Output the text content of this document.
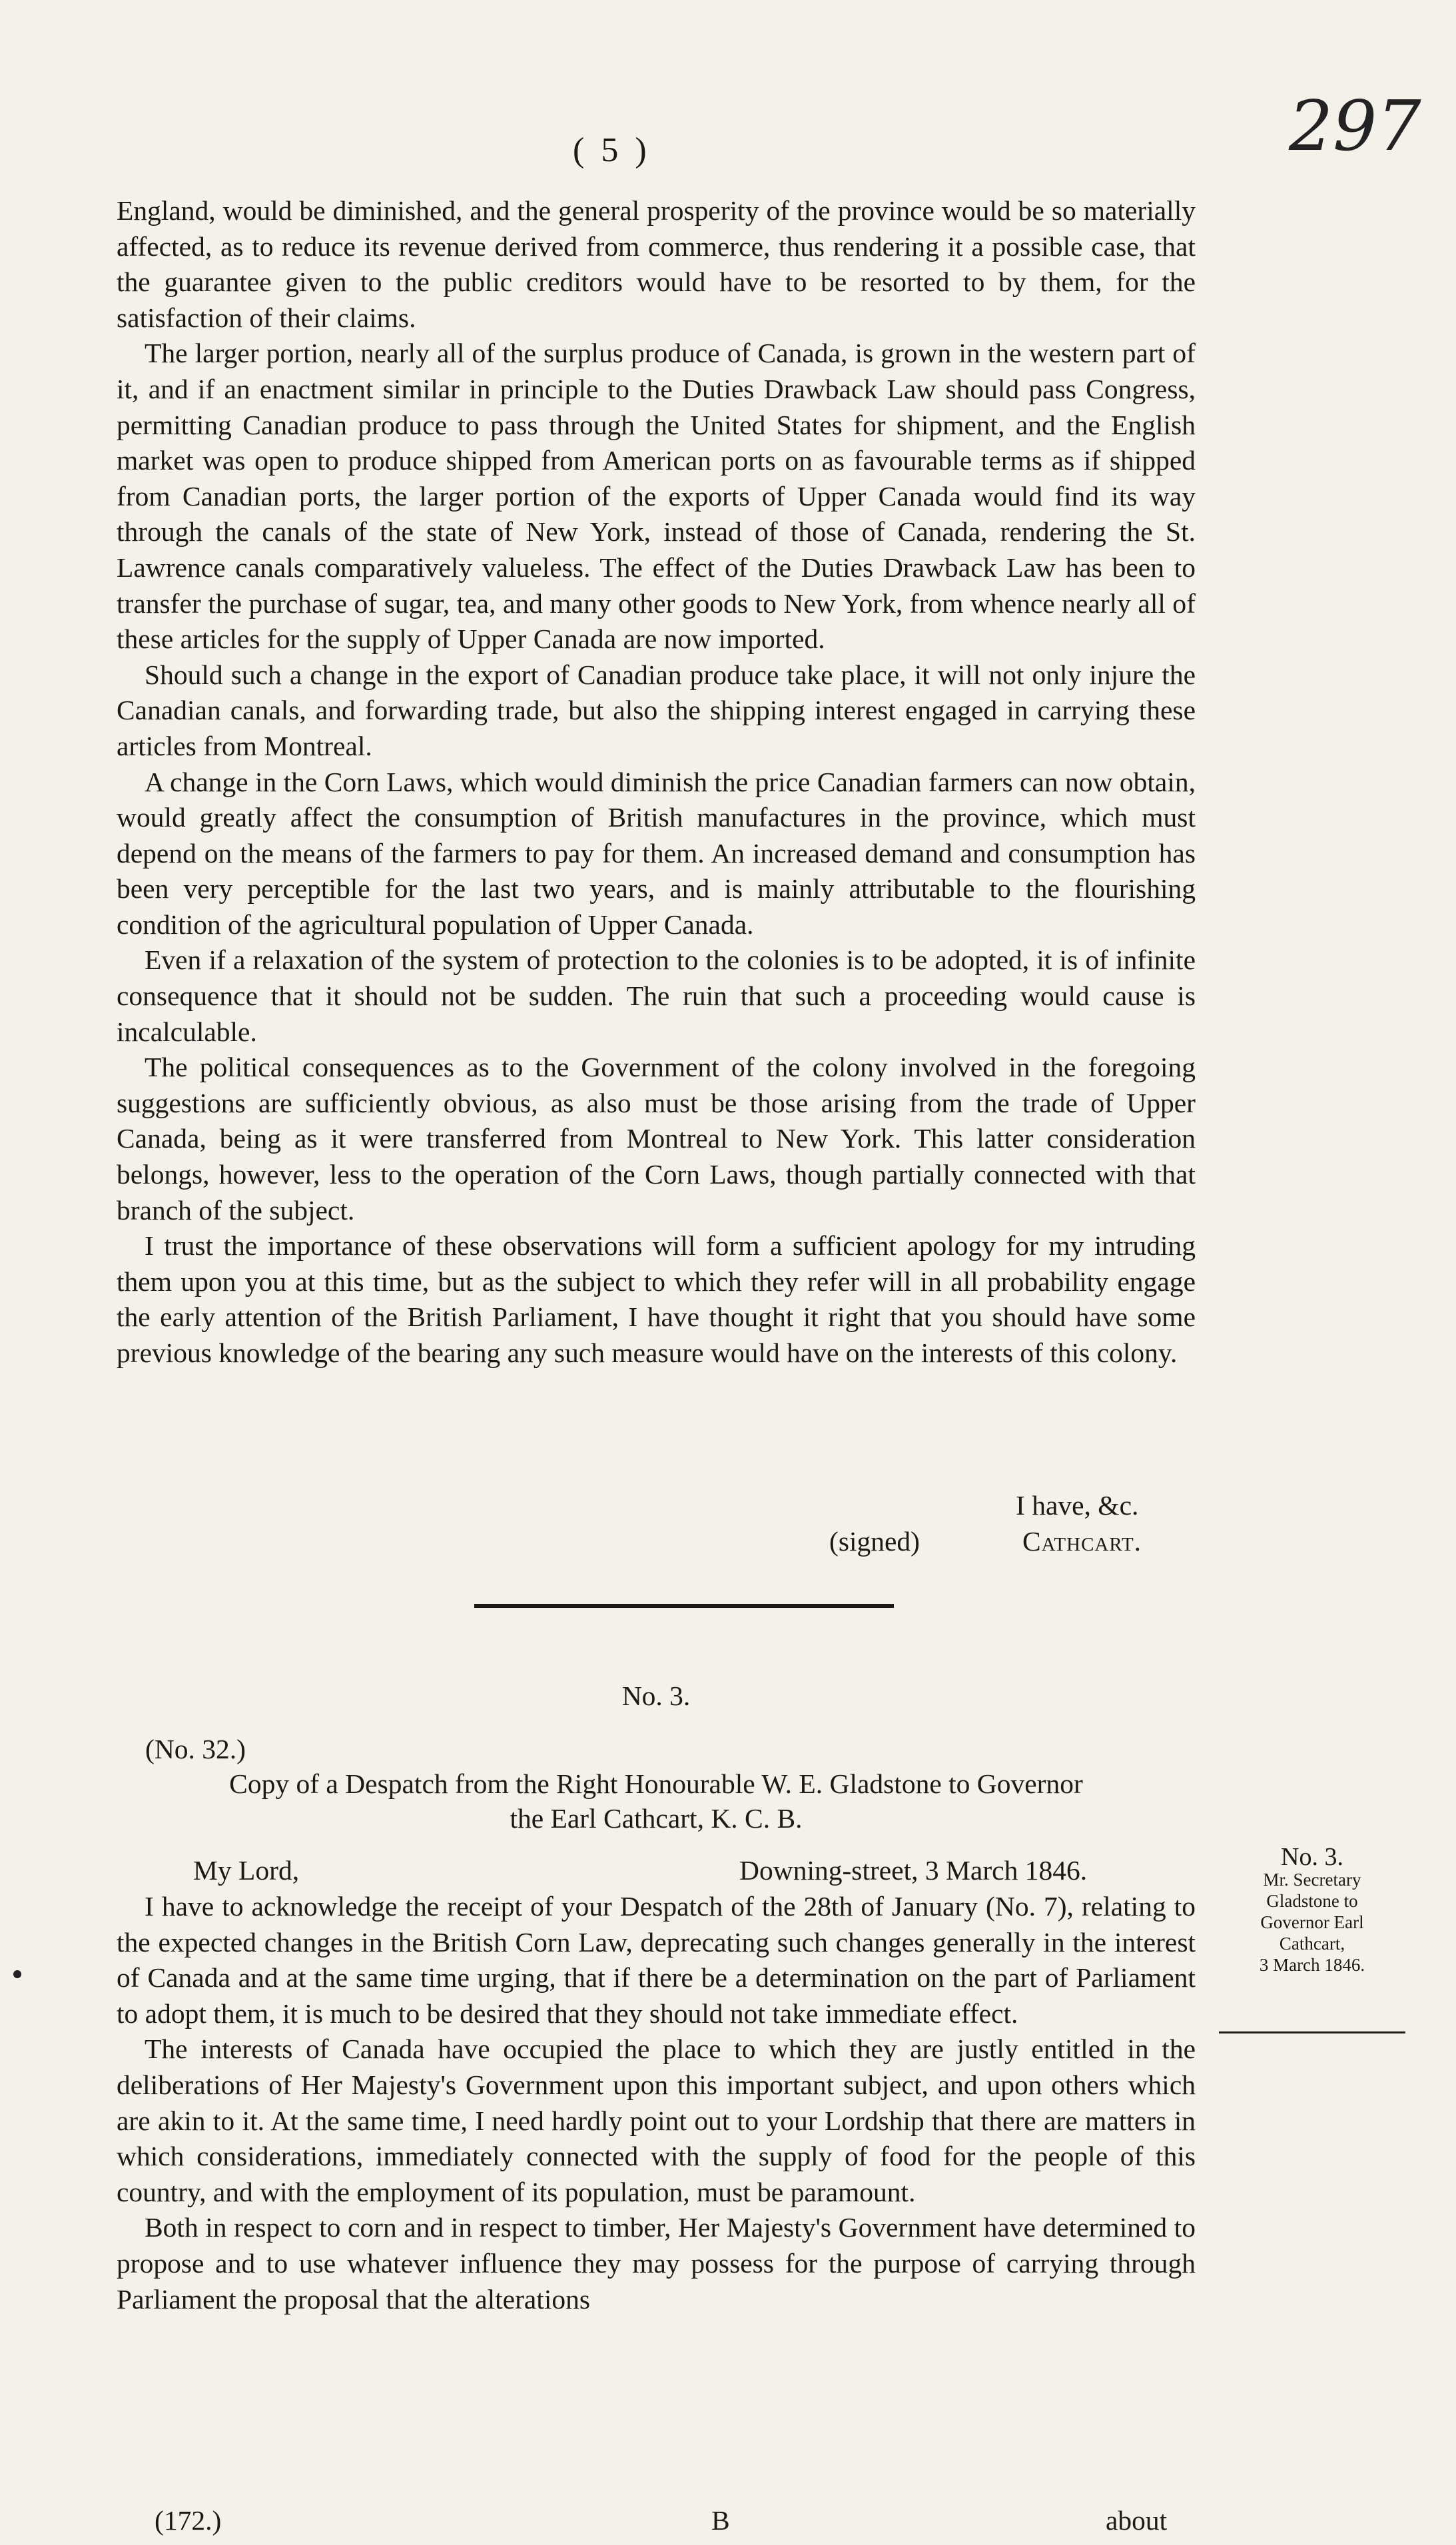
( 5 )	297

England, would be diminished, and the general prosperity of the province would be so materially affected, as to reduce its revenue derived from commerce, thus rendering it a possible case, that the guarantee given to the public creditors would have to be resorted to by them, for the satisfaction of their claims.

The larger portion, nearly all of the surplus produce of Canada, is grown in the western part of it, and if an enactment similar in principle to the Duties Drawback Law should pass Congress, permitting Canadian produce to pass through the United States for shipment, and the English market was open to produce shipped from American ports on as favourable terms as if shipped from Canadian ports, the larger portion of the exports of Upper Canada would find its way through the canals of the state of New York, instead of those of Canada, rendering the St. Lawrence canals comparatively valueless. The effect of the Duties Drawback Law has been to transfer the purchase of sugar, tea, and many other goods to New York, from whence nearly all of these articles for the supply of Upper Canada are now imported.

Should such a change in the export of Canadian produce take place, it will not only injure the Canadian canals, and forwarding trade, but also the shipping interest engaged in carrying these articles from Montreal.

A change in the Corn Laws, which would diminish the price Canadian farmers can now obtain, would greatly affect the consumption of British manufactures in the province, which must depend on the means of the farmers to pay for them. An increased demand and consumption has been very perceptible for the last two years, and is mainly attributable to the flourishing condition of the agricultural population of Upper Canada.

Even if a relaxation of the system of protection to the colonies is to be adopted, it is of infinite consequence that it should not be sudden. The ruin that such a proceeding would cause is incalculable.

The political consequences as to the Government of the colony involved in the foregoing suggestions are sufficiently obvious, as also must be those arising from the trade of Upper Canada, being as it were transferred from Montreal to New York. This latter consideration belongs, however, less to the operation of the Corn Laws, though partially connected with that branch of the subject.

I trust the importance of these observations will form a sufficient apology for my intruding them upon you at this time, but as the subject to which they refer will in all probability engage the early attention of the British Parliament, I have thought it right that you should have some previous knowledge of the bearing any such measure would have on the interests of this colony.

I have, &c.
(signed)	Cathcart.
No. 3.
(No. 32.)
Copy of a Despatch from the Right Honourable W. E. Gladstone to Governor
the Earl Cathcart, K. C. B.
My Lord,	Downing-street, 3 March 1846.	No. 3.
Mr. Secretary
Gladstone to
Governor Earl
Cathcart,
3 March 1846.

I have to acknowledge the receipt of your Despatch of the 28th of January (No. 7), relating to the expected changes in the British Corn Law, deprecating such changes generally in the interest of Canada and at the same time urging, that if there be a determination on the part of Parliament to adopt them, it is much to be desired that they should not take immediate effect.

The interests of Canada have occupied the place to which they are justly entitled in the deliberations of Her Majesty's Government upon this important subject, and upon others which are akin to it. At the same time, I need hardly point out to your Lordship that there are matters in which considerations, immediately connected with the supply of food for the people of this country, and with the employment of its population, must be paramount.

Both in respect to corn and in respect to timber, Her Majesty's Government have determined to propose and to use whatever influence they may possess for the purpose of carrying through Parliament the proposal that the alterations

(172.)	B	about
